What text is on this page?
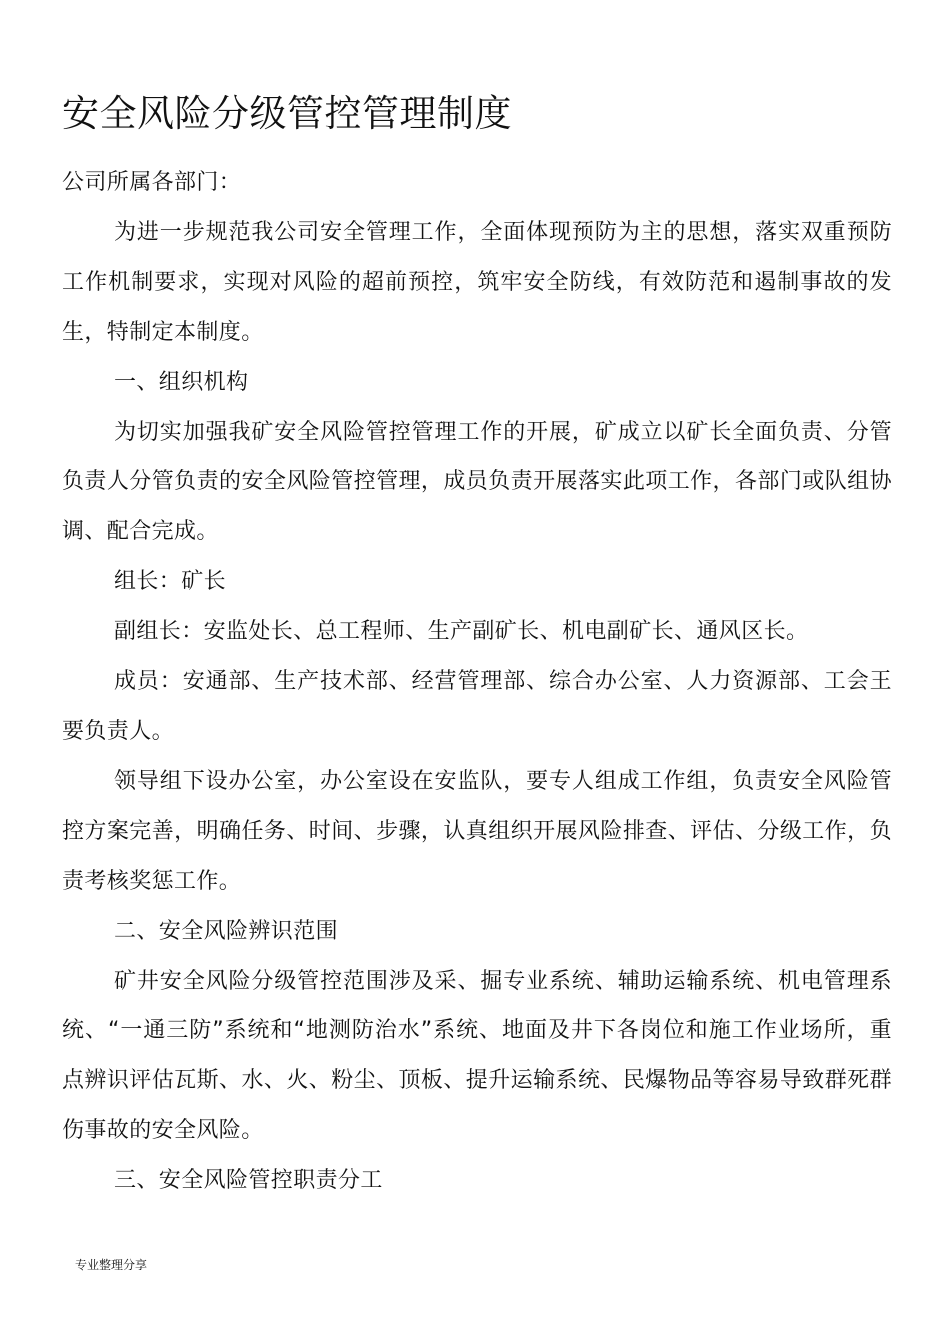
安全风险分级管控管理制度

公司所属各部门：

为进一步规范我公司安全管理工作，全面体现预防为主的思想，落实双重预防工作机制要求，实现对风险的超前预控，筑牢安全防线，有效防范和遏制事故的发生，特制定本制度。

一、组织机构

为切实加强我矿安全风险管控管理工作的开展，矿成立以矿长全面负责、分管负责人分管负责的安全风险管控管理，成员负责开展落实此项工作，各部门或队组协调、配合完成。

组长：矿长

副组长：安监处长、总工程师、生产副矿长、机电副矿长、通风区长。

成员：安通部、生产技术部、经营管理部、综合办公室、人力资源部、工会王要负责人。

领导组下设办公室，办公室设在安监队，要专人组成工作组，负责安全风险管控方案完善，明确任务、时间、步骤，认真组织开展风险排查、评估、分级工作，负责考核奖惩工作。

二、安全风险辨识范围

矿井安全风险分级管控范围涉及采、掘专业系统、辅助运输系统、机电管理系统、“一通三防”系统和“地测防治水”系统、地面及井下各岗位和施工作业场所，重点辨识评估瓦斯、水、火、粉尘、顶板、提升运输系统、民爆物品等容易导致群死群伤事故的安全风险。

三、安全风险管控职责分工

专业整理分享
